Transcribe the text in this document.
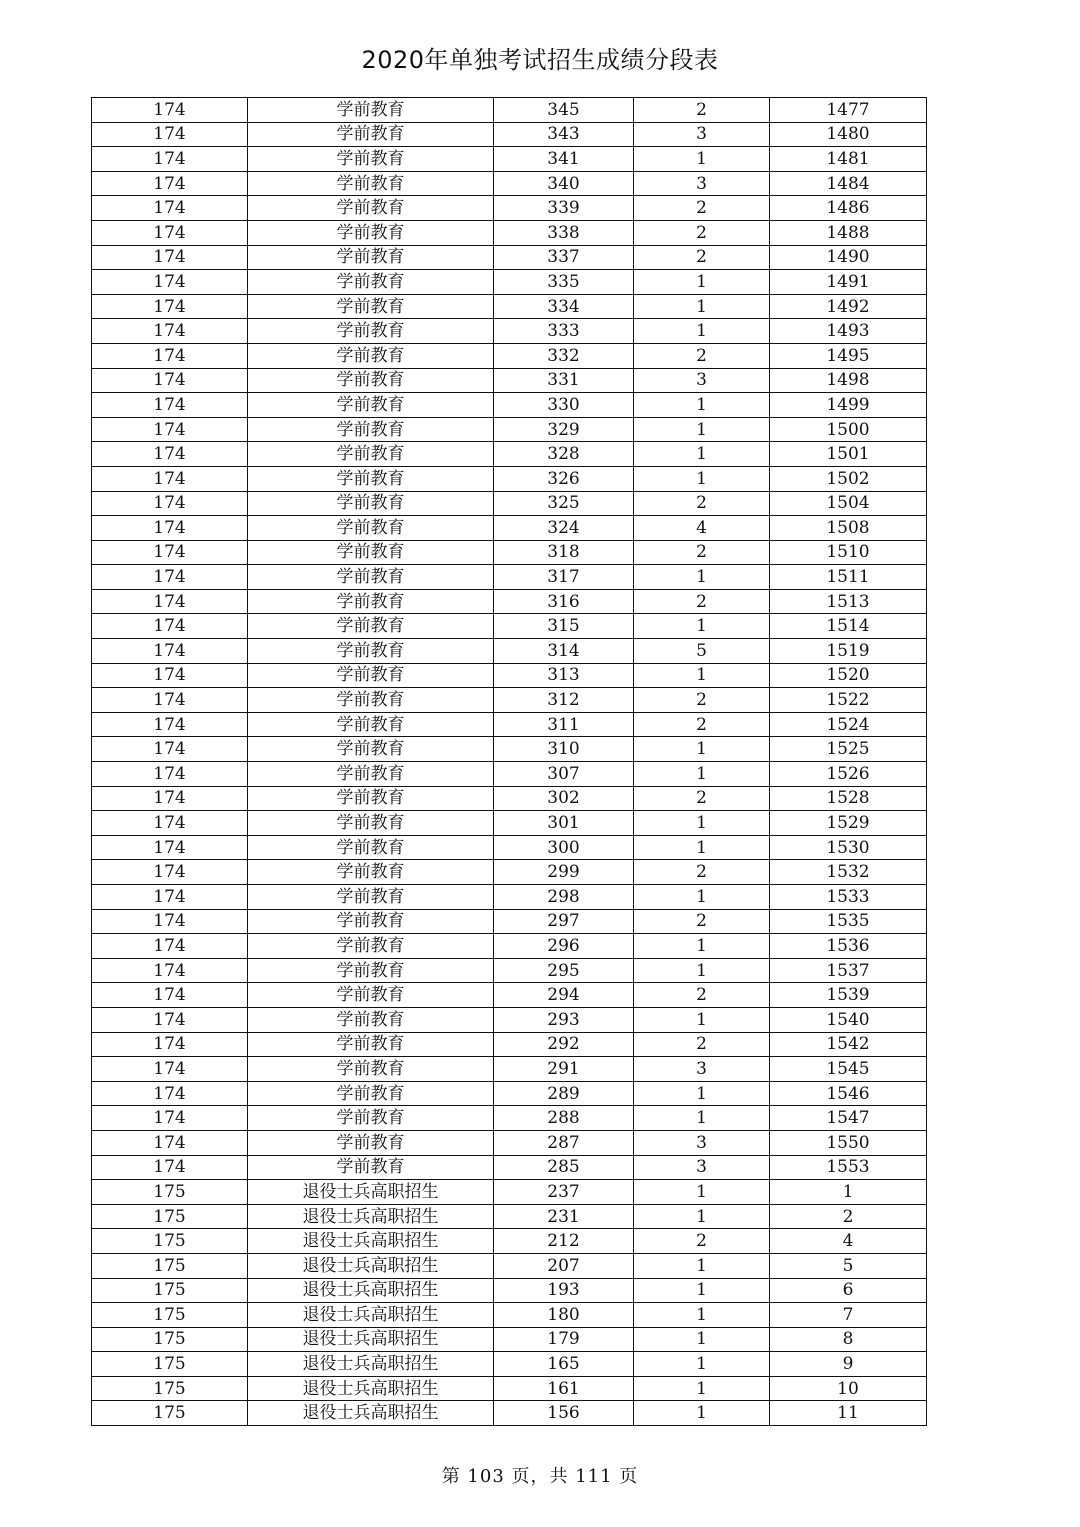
2020年单独考试招生成绩分段表
174	学前教育	345	2	1477
174	学前教育	343	3	1480
174	学前教育	341	1	1481
174	学前教育	340	3	1484
174	学前教育	339	2	1486
174	学前教育	338	2	1488
174	学前教育	337	2	1490
174	学前教育	335	1	1491
174	学前教育	334	1	1492
174	学前教育	333	1	1493
174	学前教育	332	2	1495
174	学前教育	331	3	1498
174	学前教育	330	1	1499
174	学前教育	329	1	1500
174	学前教育	328	1	1501
174	学前教育	326	1	1502
174	学前教育	325	2	1504
174	学前教育	324	4	1508
174	学前教育	318	2	1510
174	学前教育	317	1	1511
174	学前教育	316	2	1513
174	学前教育	315	1	1514
174	学前教育	314	5	1519
174	学前教育	313	1	1520
174	学前教育	312	2	1522
174	学前教育	311	2	1524
174	学前教育	310	1	1525
174	学前教育	307	1	1526
174	学前教育	302	2	1528
174	学前教育	301	1	1529
174	学前教育	300	1	1530
174	学前教育	299	2	1532
174	学前教育	298	1	1533
174	学前教育	297	2	1535
174	学前教育	296	1	1536
174	学前教育	295	1	1537
174	学前教育	294	2	1539
174	学前教育	293	1	1540
174	学前教育	292	2	1542
174	学前教育	291	3	1545
174	学前教育	289	1	1546
174	学前教育	288	1	1547
174	学前教育	287	3	1550
174	学前教育	285	3	1553
175	退役士兵高职招生	237	1	1
175	退役士兵高职招生	231	1	2
175	退役士兵高职招生	212	2	4
175	退役士兵高职招生	207	1	5
175	退役士兵高职招生	193	1	6
175	退役士兵高职招生	180	1	7
175	退役士兵高职招生	179	1	8
175	退役士兵高职招生	165	1	9
175	退役士兵高职招生	161	1	10
175	退役士兵高职招生	156	1	11
第 103 页，共 111 页
